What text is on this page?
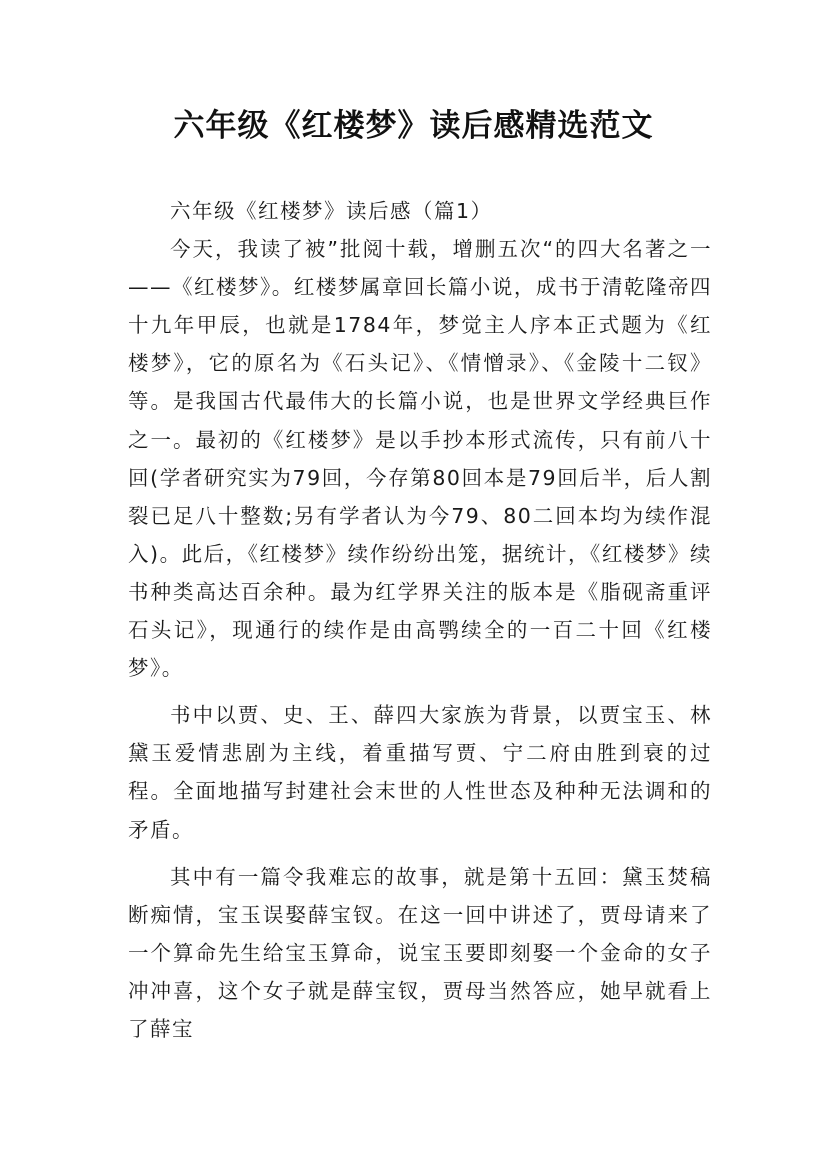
六年级《红楼梦》读后感精选范文

六年级《红楼梦》读后感（篇1）

今天，我读了被”批阅十载，增删五次“的四大名著之一——《红楼梦》。红楼梦属章回长篇小说，成书于清乾隆帝四十九年甲辰，也就是1784年，梦觉主人序本正式题为《红楼梦》，它的原名为《石头记》、《情憎录》、《金陵十二钗》等。是我国古代最伟大的长篇小说，也是世界文学经典巨作之一。最初的《红楼梦》是以手抄本形式流传，只有前八十回(学者研究实为79回，今存第80回本是79回后半，后人割裂已足八十整数;另有学者认为今79、80二回本均为续作混入)。此后，《红楼梦》续作纷纷出笼，据统计，《红楼梦》续书种类高达百余种。最为红学界关注的版本是《脂砚斋重评石头记》，现通行的续作是由高鹗续全的一百二十回《红楼梦》。

书中以贾、史、王、薛四大家族为背景，以贾宝玉、林黛玉爱情悲剧为主线，着重描写贾、宁二府由胜到衰的过程。全面地描写封建社会末世的人性世态及种种无法调和的矛盾。

其中有一篇令我难忘的故事，就是第十五回：黛玉焚稿断痴情，宝玉误娶薛宝钗。在这一回中讲述了，贾母请来了一个算命先生给宝玉算命，说宝玉要即刻娶一个金命的女子冲冲喜，这个女子就是薛宝钗，贾母当然答应，她早就看上了薛宝
